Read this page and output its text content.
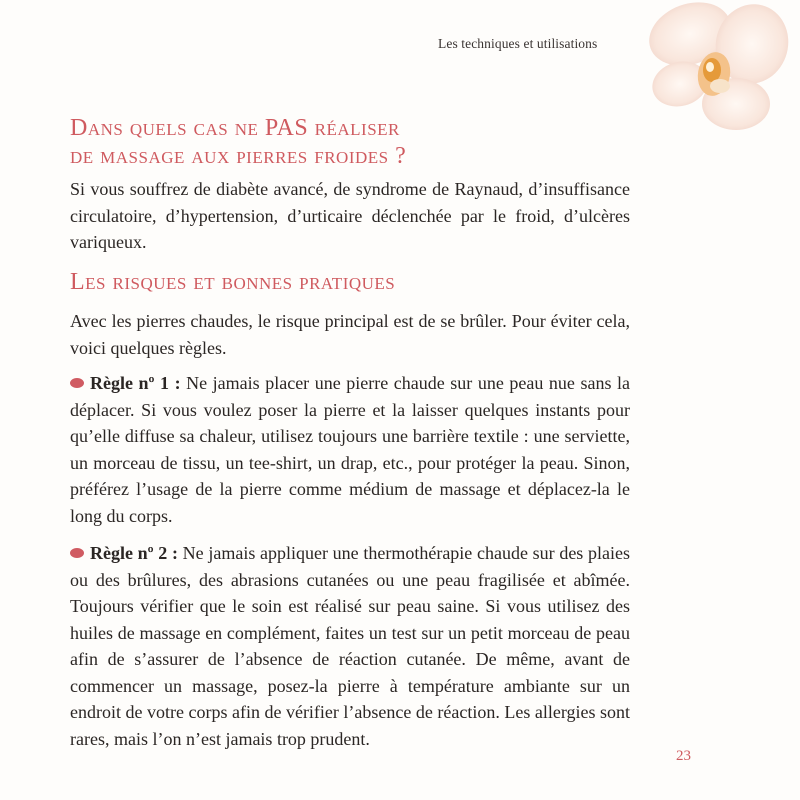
Les techniques et utilisations
Dans quels cas ne PAS réaliser
de massage aux pierres froides ?

Si vous souffrez de diabète avancé, de syndrome de Raynaud, d’insuffisance circulatoire, d’hypertension, d’urticaire déclenchée par le froid, d’ulcères variqueux.

Les risques et bonnes pratiques

Avec les pierres chaudes, le risque principal est de se brûler. Pour éviter cela, voici quelques règles.

Règle nº 1 : Ne jamais placer une pierre chaude sur une peau nue sans la déplacer. Si vous voulez poser la pierre et la laisser quelques instants pour qu’elle diffuse sa chaleur, utilisez toujours une barrière textile : une serviette, un morceau de tissu, un tee-shirt, un drap, etc., pour protéger la peau. Sinon, préférez l’usage de la pierre comme médium de massage et déplacez-la le long du corps.

Règle nº 2 : Ne jamais appliquer une thermothérapie chaude sur des plaies ou des brûlures, des abrasions cutanées ou une peau fragilisée et abîmée. Toujours vérifier que le soin est réalisé sur peau saine. Si vous utilisez des huiles de massage en complément, faites un test sur un petit morceau de peau afin de s’assurer de l’absence de réaction cutanée. De même, avant de commencer un massage, posez-la pierre à température ambiante sur un endroit de votre corps afin de vérifier l’absence de réaction. Les allergies sont rares, mais l’on n’est jamais trop prudent.

23
